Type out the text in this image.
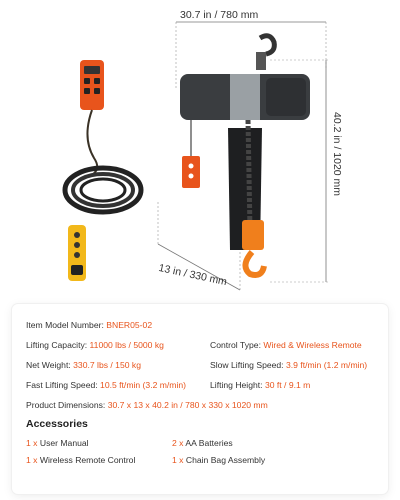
30.7 in / 780 mm
40.2 in / 1020 mm
13 in / 330 mm
Item Model Number: BNER05-02
Control Type: Wired & Wireless Remote
Lifting Capacity: 11000 lbs / 5000 kg
Slow Lifting Speed: 3.9 ft/min (1.2 m/min)
Net Weight: 330.7 lbs / 150 kg
Lifting Height: 30 ft / 9.1 m
Fast Lifting Speed: 10.5 ft/min (3.2 m/min)
Product Dimensions: 30.7 x 13 x 40.2 in / 780 x 330 x 1020 mm
Accessories
1 x User Manual	2 x AA Batteries
1 x Wireless Remote Control	1 x Chain Bag Assembly
